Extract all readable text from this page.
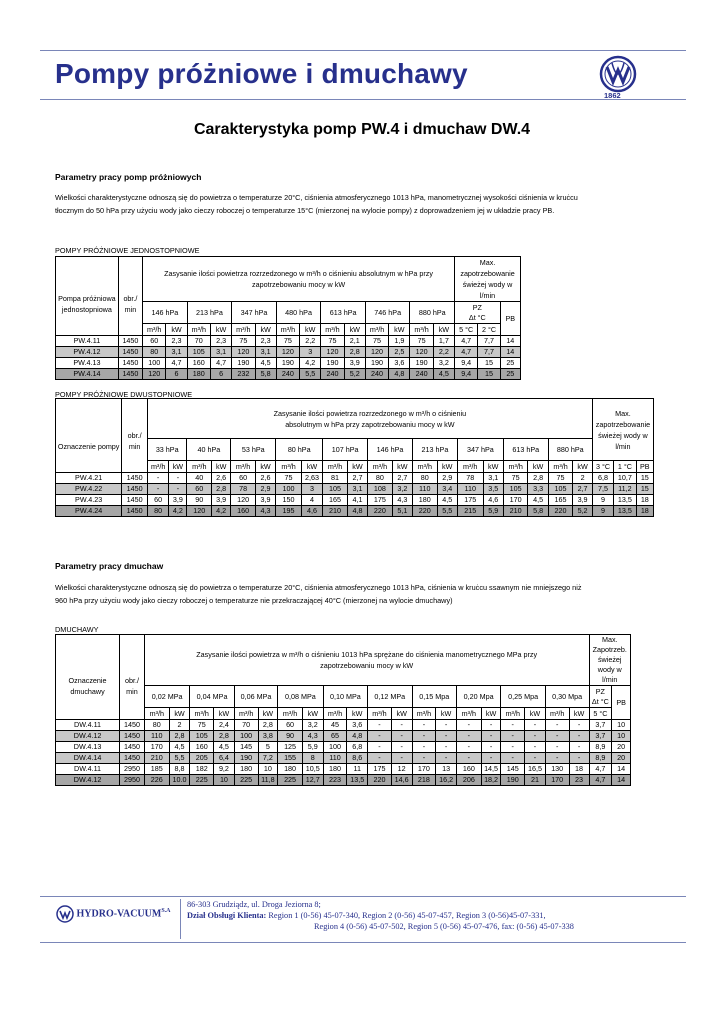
Pompy próżniowe i dmuchawy
1862
Carakterystyka pomp PW.4 i dmuchaw DW.4
Parametry pracy pomp próżniowych

Wielkości charakterystyczne odnoszą się do powietrza o temperaturze 20°C, ciśnienia atmosferycznego 1013 hPa, manometrycznej wysokości ciśnienia w kruċcu tłocznym do 50 hPa przy użyciu wody jako cieczy roboczej o temperaturze 15°C (mierzonej na wylocie pompy) z doprowadzeniem jej w układzie pracy PB.

POMPY PRÓŻNIOWE JEDNOSTOPNIOWE

Pompa próżniowa jednostopniowa	obr./ min	Zasysanie ilości powietrza rozrzedzonego w m³/h o ciśnieniu absolutnym w hPa przy zapotrzebowaniu mocy w kW														Max. zapotrzebowanie świeżej wody w l/min		
		146 hPa		213 hPa		347 hPa		480 hPa		613 hPa		746 hPa		880 hPa		PZ
Δt °C		PB
		m³/h	kW	m³/h	kW	m³/h	kW	m³/h	kW	m³/h	kW	m³/h	kW	m³/h	kW	5 °C	2 °C	
PW.4.11	1450	60	2,3	70	2,3	75	2,3	75	2,2	75	2,1	75	1,9	75	1,7	4,7	7,7	14
PW.4.12	1450	80	3,1	105	3,1	120	3,1	120	3	120	2,8	120	2,5	120	2,2	4,7	7,7	14
PW.4.13	1450	100	4,7	160	4,7	190	4,5	190	4,2	190	3,9	190	3,6	190	3,2	9,4	15	25
PW.4.14	1450	120	6	180	6	232	5,8	240	5,5	240	5,2	240	4,8	240	4,5	9,4	15	25

POMPY PRÓŻNIOWE DWUSTOPNIOWE

Oznaczenie pompy	obr./ min	Zasysanie ilości powietrza rozrzedzonego w m³/h o ciśnieniu absolutnym w hPa przy zapotrzebowaniu mocy w kW																				Max. zapotrzebowanie świeżej wody w l/min		
		33 hPa		40 hPa		53 hPa		80 hPa		107 hPa		146 hPa		213 hPa		347 hPa		613 hPa		880 hPa				
		m³/h	kW	m³/h	kW	m³/h	kW	m³/h	kW	m³/h	kW	m³/h	kW	m³/h	kW	m³/h	kW	m³/h	kW	m³/h	kW	3 °C	1 °C	PB
PW.4.21	1450	-	-	40	2,6	60	2,6	75	2,63	81	2,7	80	2,7	80	2,9	78	3,1	75	2,8	75	2	6,8	10,7	15
PW.4.22	1450	-	-	60	2,8	78	2,9	100	3	105	3,1	108	3,2	110	3,4	110	3,5	105	3,3	105	2,7	7,5	11,2	15
PW.4.23	1450	60	3,9	90	3,9	120	3,9	150	4	165	4,1	175	4,3	180	4,5	175	4,6	170	4,5	165	3,9	9	13,5	18
PW.4.24	1450	80	4,2	120	4,2	160	4,3	195	4,6	210	4,8	220	5,1	220	5,5	215	5,9	210	5,8	220	5,2	9	13,5	18
Parametry pracy dmuchaw

Wielkości charakterystyczne odnoszą się do powietrza o temperaturze 20°C, ciśnienia atmosferycznego 1013 hPa, ciśnienia w kruċcu ssawnym nie mniejszego niż 960 hPa przy użyciu wody jako cieczy roboczej o temperaturze nie przekraczającej 40°C (mierzonej na wylocie dmuchawy)

DMUCHAWY

Oznaczenie dmuchawy	obr./ min	Zasysanie ilości powietrza w m³/h o ciśnieniu 1013 hPa sprężane do ciśnienia manometrycznego MPa przy zapotrzebowaniu mocy w kW																				Max. Zapotrzeb. świeżej wody w l/min	
		0,02 MPa		0,04 MPa		0,06 MPa		0,08 MPa		0,10 MPa		0,12 MPa		0,15 Mpa		0,20 Mpa		0,25 Mpa		0,30 Mpa		PZ
Δt °C	PB
		m³/h	kW	m³/h	kW	m³/h	kW	m³/h	kW	m³/h	kW	m³/h	kW	m³/h	kW	m³/h	kW	m³/h	kW	m³/h	kW	5 °C	
DW.4.11	1450	80	2	75	2,4	70	2,8	60	3,2	45	3,6	-	-	-	-	-	-	-	-	-	-	3,7	10
DW.4.12	1450	110	2,8	105	2,8	100	3,8	90	4,3	65	4,8	-	-	-	-	-	-	-	-	-	-	3,7	10
DW.4.13	1450	170	4,5	160	4,5	145	5	125	5,9	100	6,8	-	-	-	-	-	-	-	-	-	-	8,9	20
DW.4.14	1450	210	5,5	205	6,4	190	7,2	155	8	110	8,6	-	-	-	-	-	-	-	-	-	-	8,9	20
DW.4.11	2950	185	8,8	182	9,2	180	10	180	10,5	180	11	175	12	170	13	160	14,5	145	16,5	130	18	4,7	14
DW.4.12	2950	226	10.0	225	10	225	11,8	225	12,7	223	13,5	220	14,6	218	16,2	206	18,2	190	21	170	23	4,7	14
HYDRO-$VACUUM^{S.A}$
86-303 Grudziądz, ul. Droga Jeziorna 8;
Dział Obsługi Klienta: Region 1 (0-56) 45-07-340, Region 2 (0-56) 45-07-457, Region 3 (0-56)45-07-331,
Region 4 (0-56) 45-07-502, Region 5 (0-56) 45-07-476, fax: (0-56) 45-07-338
